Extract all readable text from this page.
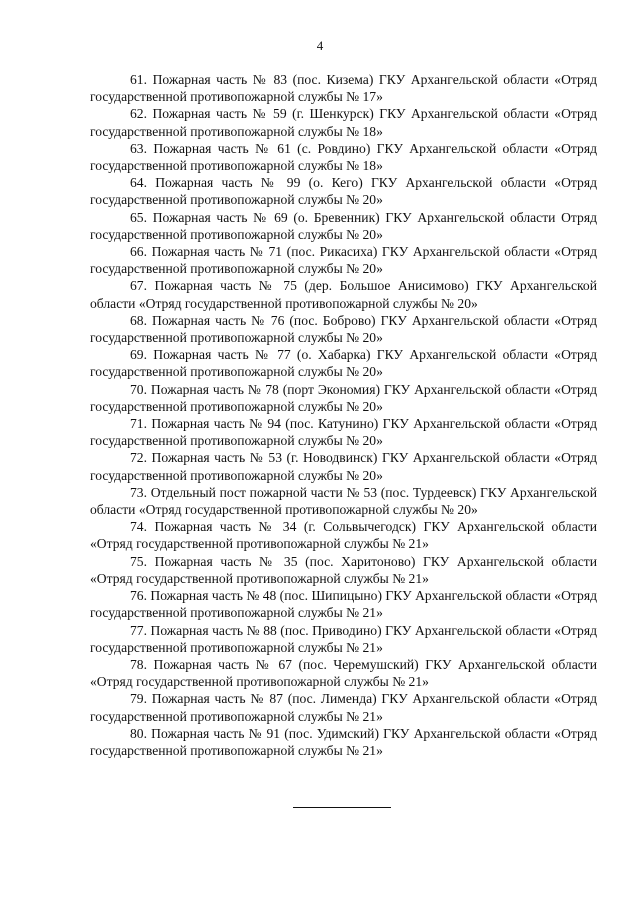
4
61. Пожарная часть № 83 (пос. Кизема) ГКУ Архангельской области «Отряд государственной противопожарной службы № 17»
62. Пожарная часть № 59 (г. Шенкурск) ГКУ Архангельской области «Отряд государственной противопожарной службы № 18»
63. Пожарная часть № 61 (с. Ровдино) ГКУ Архангельской области «Отряд государственной противопожарной службы № 18»
64. Пожарная часть № 99 (о. Кего) ГКУ Архангельской области «Отряд государственной противопожарной службы № 20»
65. Пожарная часть № 69 (о. Бревенник) ГКУ Архангельской области Отряд государственной противопожарной службы № 20»
66. Пожарная часть № 71 (пос. Рикасиха) ГКУ Архангельской области «Отряд государственной противопожарной службы № 20»
67. Пожарная часть № 75 (дер. Большое Анисимово) ГКУ Архангельской области «Отряд государственной противопожарной службы № 20»
68. Пожарная часть № 76 (пос. Боброво) ГКУ Архангельской области «Отряд государственной противопожарной службы № 20»
69. Пожарная часть № 77 (о. Хабарка) ГКУ Архангельской области «Отряд государственной противопожарной службы № 20»
70. Пожарная часть № 78 (порт Экономия) ГКУ Архангельской области «Отряд государственной противопожарной службы № 20»
71. Пожарная часть № 94 (пос. Катунино) ГКУ Архангельской области «Отряд государственной противопожарной службы № 20»
72. Пожарная часть № 53 (г. Новодвинск) ГКУ Архангельской области «Отряд государственной противопожарной службы № 20»
73. Отдельный пост пожарной части № 53 (пос. Турдеевск) ГКУ Архангельской области «Отряд государственной противопожарной службы № 20»
74. Пожарная часть № 34 (г. Сольвычегодск) ГКУ Архангельской области «Отряд государственной противопожарной службы № 21»
75. Пожарная часть № 35 (пос. Харитоново) ГКУ Архангельской области «Отряд государственной противопожарной службы № 21»
76. Пожарная часть № 48 (пос. Шипицыно) ГКУ Архангельской области «Отряд государственной противопожарной службы № 21»
77. Пожарная часть № 88 (пос. Приводино) ГКУ Архангельской области «Отряд государственной противопожарной службы № 21»
78. Пожарная часть № 67 (пос. Черемушский) ГКУ Архангельской области «Отряд государственной противопожарной службы № 21»
79. Пожарная часть № 87 (пос. Лименда) ГКУ Архангельской области «Отряд государственной противопожарной службы № 21»
80. Пожарная часть № 91 (пос. Удимский) ГКУ Архангельской области «Отряд государственной противопожарной службы № 21»
